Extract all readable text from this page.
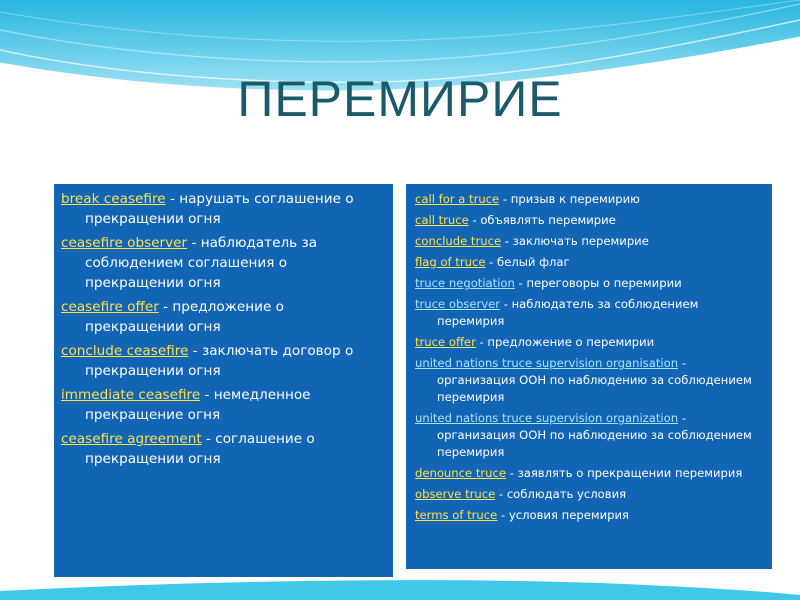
ПЕРЕМИРИЕ
break ceasefire - нарушать соглашение о прекращении огня
ceasefire observer - наблюдатель за соблюдением соглашения о прекращении огня
ceasefire offer - предложение о прекращении огня
conclude ceasefire - заключать договор о прекращении огня
immediate ceasefire - немедленное прекращение огня
ceasefire agreement - соглашение о прекращении огня
call for a truce - призыв к перемирию
call truce - объявлять перемирие
conclude truce - заключать перемирие
flag of truce - белый флаг
truce negotiation - переговоры о перемирии
truce observer - наблюдатель за соблюдением перемирия
truce offer - предложение о перемирии
united nations truce supervision organisation - организация ООН по наблюдению за соблюдением перемирия
united nations truce supervision organization - организация ООН по наблюдению за соблюдением перемирия
denounce truce - заявлять о прекращении перемирия
observe truce - соблюдать условия
terms of truce - условия перемирия
